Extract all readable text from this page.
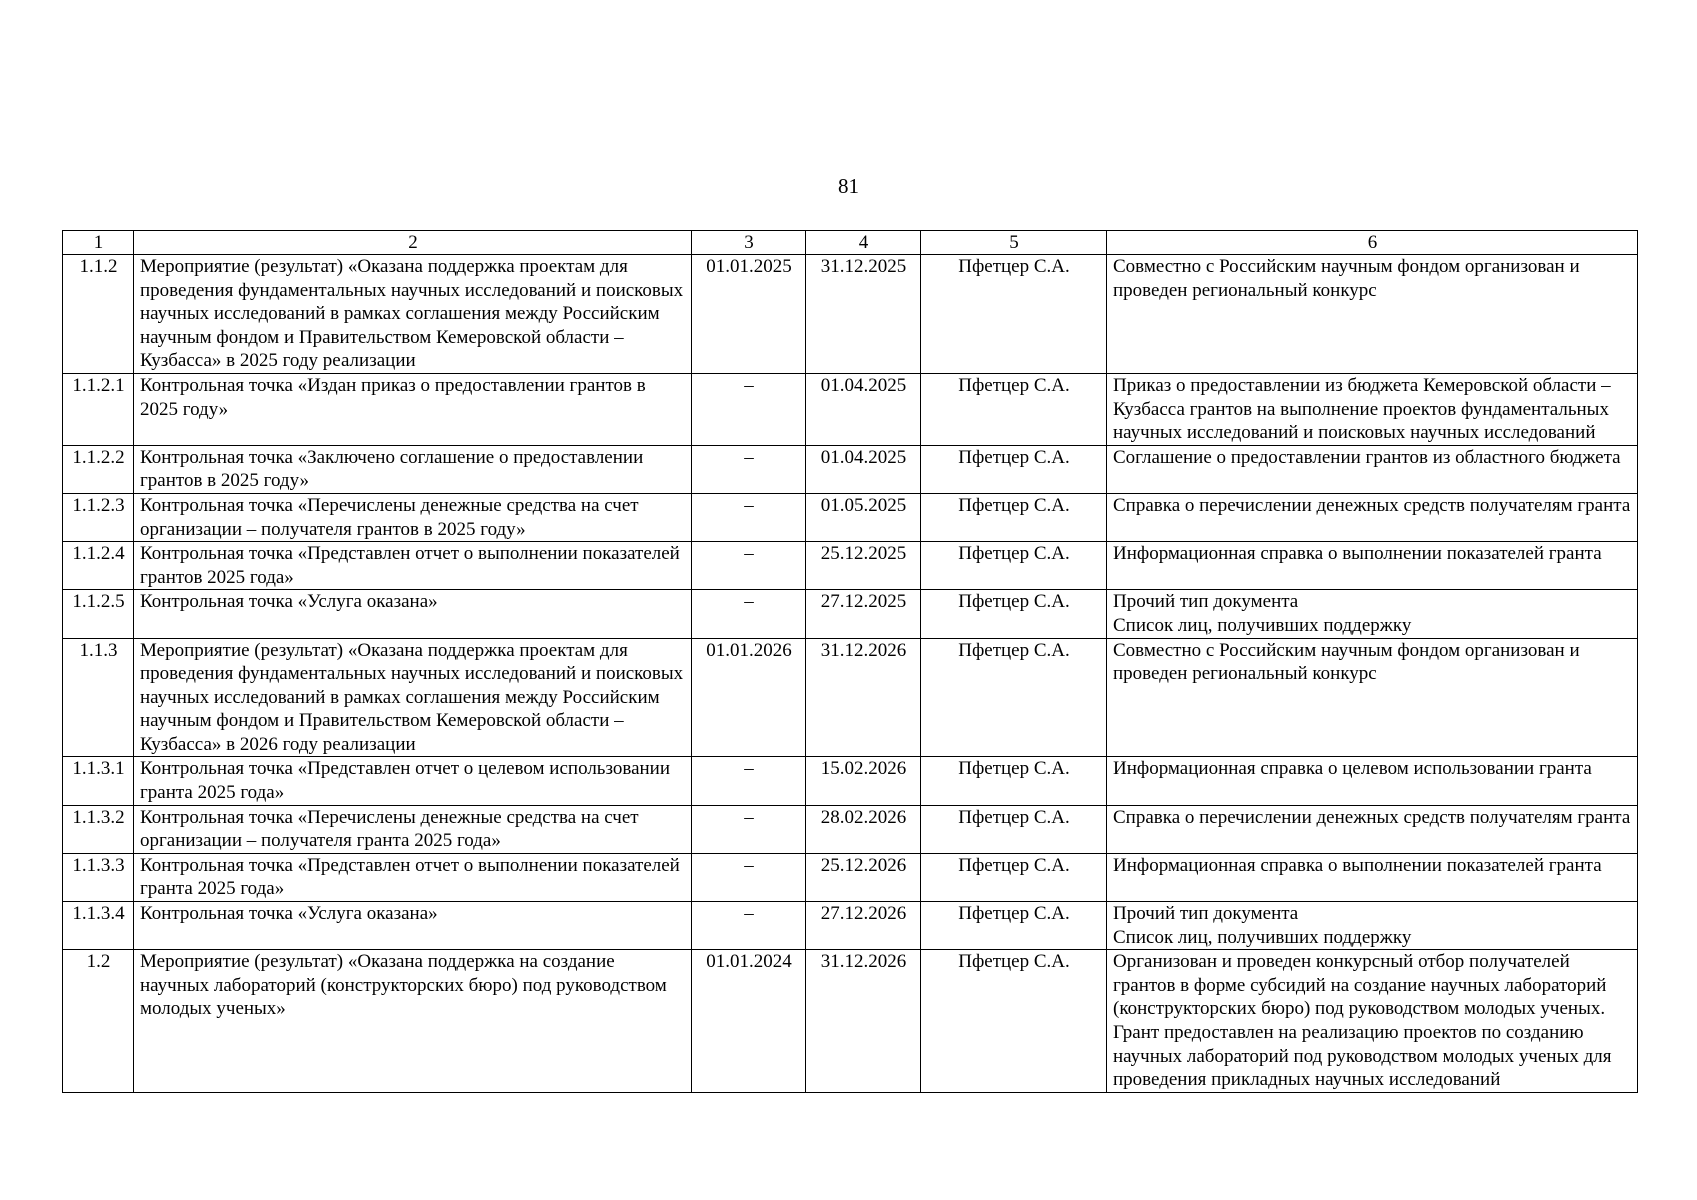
81
1	2	3	4	5	6
1.1.2	Мероприятие (результат) «Оказана поддержка проектам для проведения фундаментальных научных исследований и поисковых научных исследований в рамках соглашения между Российским научным фондом и Правительством Кемеровской области – Кузбасса» в 2025 году реализации	01.01.2025	31.12.2025	Пфетцер С.А.	Совместно с Российским научным фондом организован и проведен региональный конкурс

1.1.2.1	Контрольная точка «Издан приказ о предоставлении грантов в 2025 году»	–	01.04.2025	Пфетцер С.А.	Приказ о предоставлении из бюджета Кемеровской области – Кузбасса грантов на выполнение проектов фундаментальных научных исследований и поисковых научных исследований

1.1.2.2	Контрольная точка «Заключено соглашение о предоставлении грантов в 2025 году»	–	01.04.2025	Пфетцер С.А.	Соглашение о предоставлении грантов из областного бюджета

1.1.2.3	Контрольная точка «Перечислены денежные средства на счет организации – получателя грантов в 2025 году»	–	01.05.2025	Пфетцер С.А.	Справка о перечислении денежных средств получателям гранта

1.1.2.4	Контрольная точка «Представлен отчет о выполнении показателей грантов 2025 года»	–	25.12.2025	Пфетцер С.А.	Информационная справка о выполнении показателей гранта

1.1.2.5	Контрольная точка «Услуга оказана»	–	27.12.2025	Пфетцер С.А.	Прочий тип документа
Список лиц, получивших поддержку

1.1.3	Мероприятие (результат) «Оказана поддержка проектам для проведения фундаментальных научных исследований и поисковых научных исследований в рамках соглашения между Российским научным фондом и Правительством Кемеровской области – Кузбасса» в 2026 году реализации	01.01.2026	31.12.2026	Пфетцер С.А.	Совместно с Российским научным фондом организован и проведен региональный конкурс

1.1.3.1	Контрольная точка «Представлен отчет о целевом использовании гранта 2025 года»	–	15.02.2026	Пфетцер С.А.	Информационная справка о целевом использовании гранта

1.1.3.2	Контрольная точка «Перечислены денежные средства на счет организации – получателя гранта 2025 года»	–	28.02.2026	Пфетцер С.А.	Справка о перечислении денежных средств получателям гранта

1.1.3.3	Контрольная точка «Представлен отчет о выполнении показателей гранта 2025 года»	–	25.12.2026	Пфетцер С.А.	Информационная справка о выполнении показателей гранта

1.1.3.4	Контрольная точка «Услуга оказана»	–	27.12.2026	Пфетцер С.А.	Прочий тип документа
Список лиц, получивших поддержку

1.2	Мероприятие (результат) «Оказана поддержка на создание научных лабораторий (конструкторских бюро) под руководством молодых ученых»	01.01.2024	31.12.2026	Пфетцер С.А.	Организован и проведен конкурсный отбор получателей грантов в форме субсидий на создание научных лабораторий (конструкторских бюро) под руководством молодых ученых.
Грант предоставлен на реализацию проектов по созданию научных лабораторий под руководством молодых ученых для проведения прикладных научных исследований
